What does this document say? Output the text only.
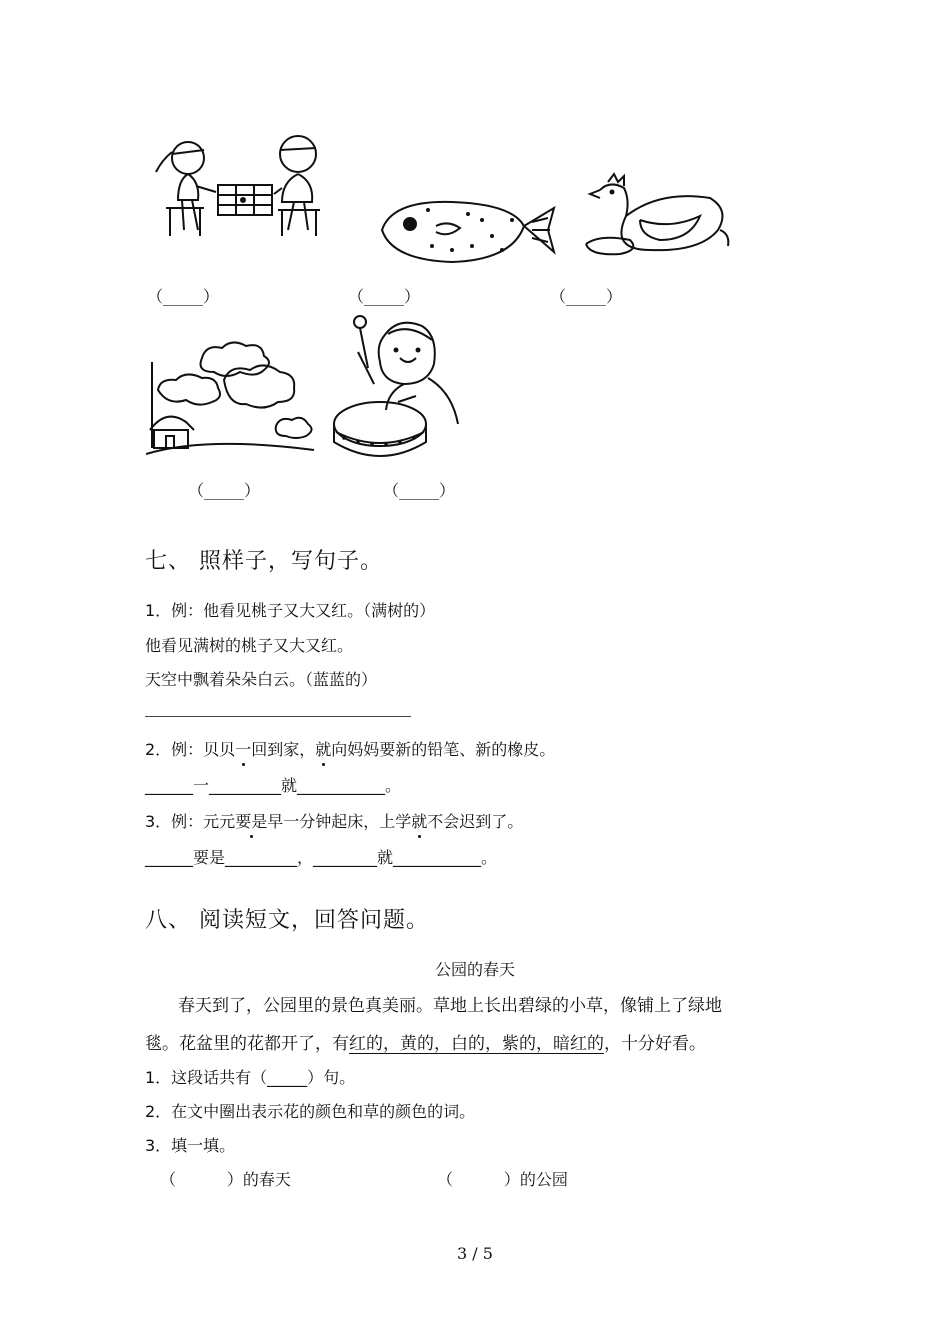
（_____）	（_____）	（_____）
（_____）	（_____）
七、 照样子，写句子。
1．例：他看见桃子又大又红。（满树的）
他看见满树的桃子又大又红。
天空中飘着朵朵白云。（蓝蓝的）
2．例：贝贝一回到家，就向妈妈要新的铅笔、新的橡皮。
______一_________就___________。
3．例：元元要是早一分钟起床，上学就不会迟到了。
______要是_________，________就___________。
八、 阅读短文，回答问题。
公园的春天
春天到了，公园里的景色真美丽。草地上长出碧绿的小草，像铺上了绿地
毯。花盆里的花都开了，有红的，黄的，白的，紫的，暗红的，十分好看。
1．这段话共有（_____）句。
2．在文中圈出表示花的颜色和草的颜色的词。
3．填一填。
（          ）的春天	（          ）的公园
3 / 5
